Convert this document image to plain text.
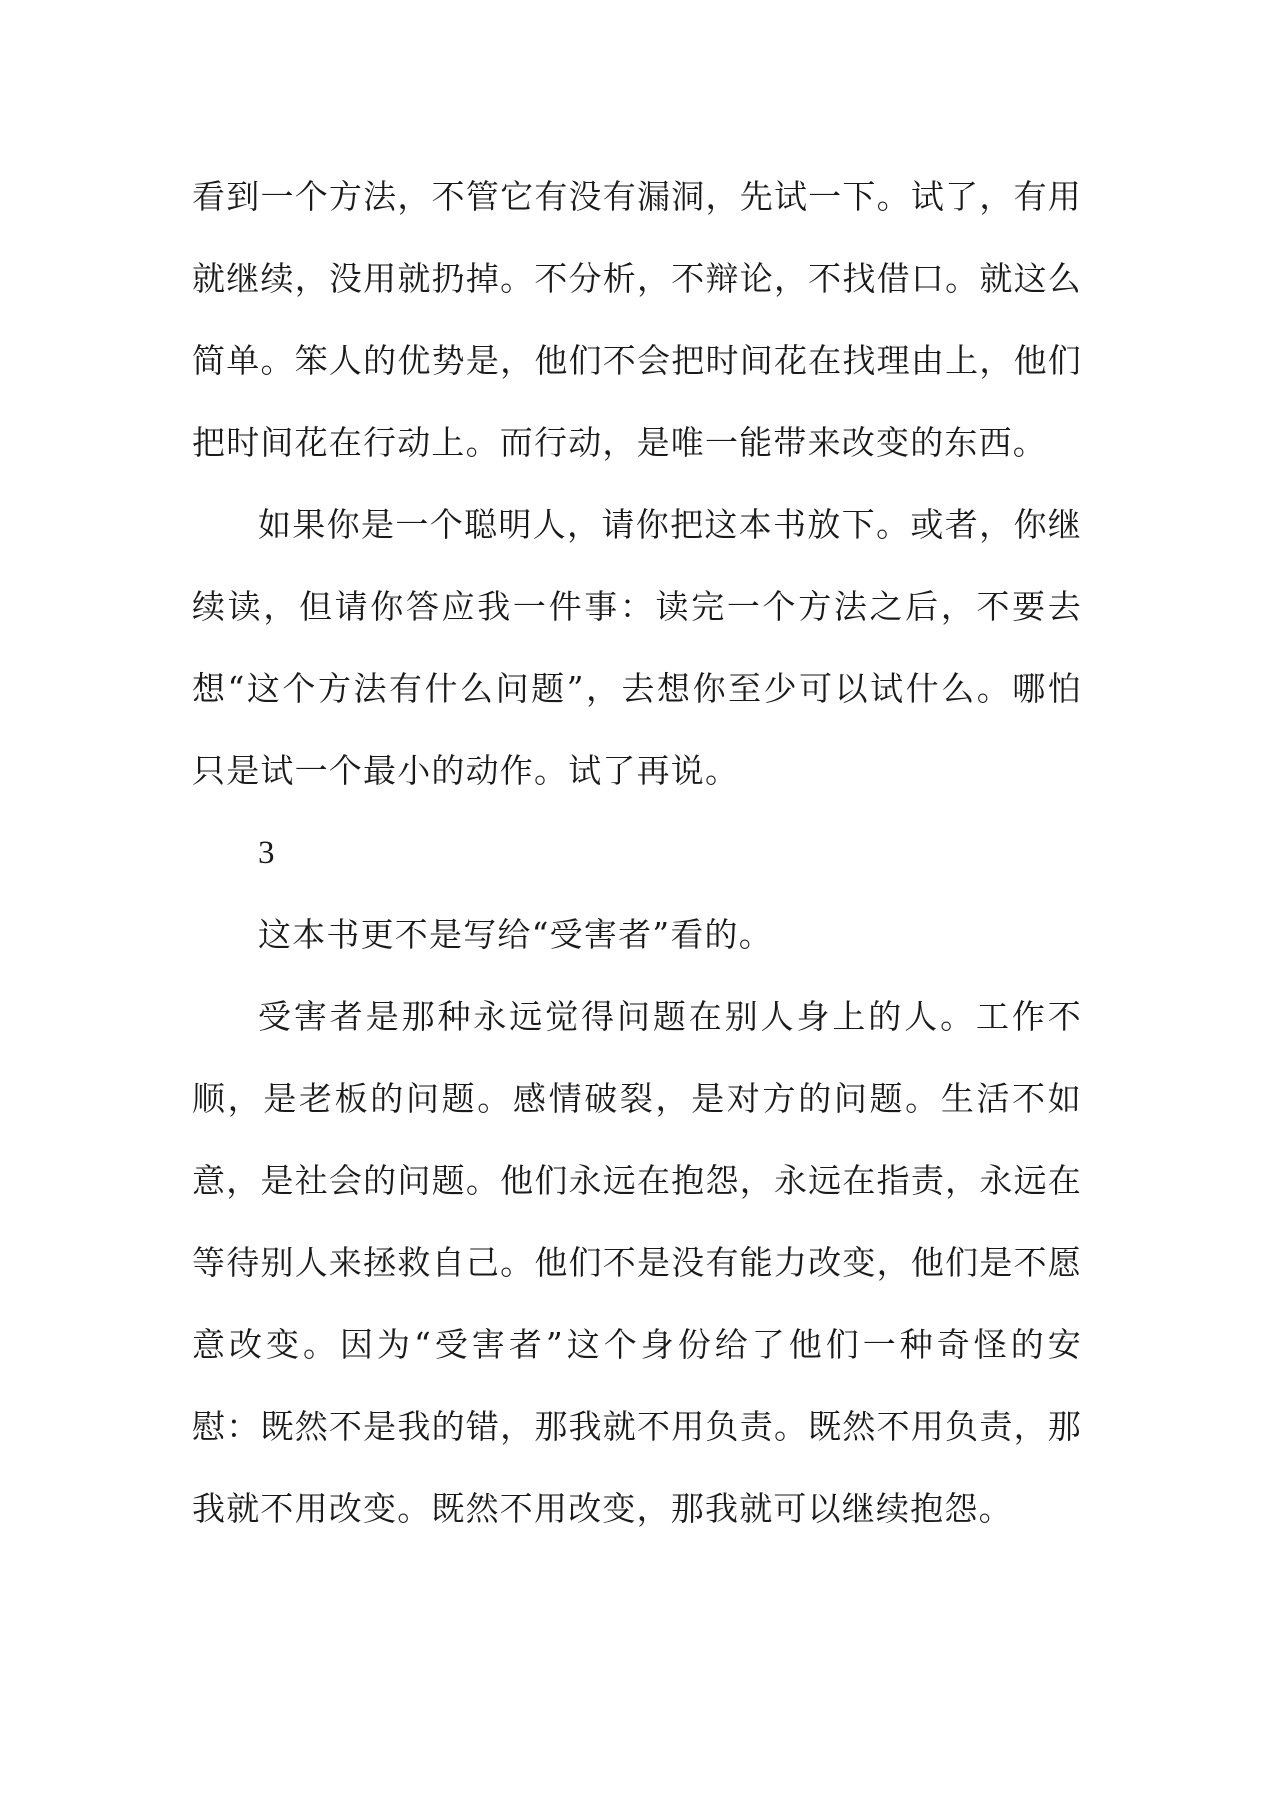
看到一个方法，不管它有没有漏洞，先试一下。试了，有用就继续，没用就扔掉。不分析，不辩论，不找借口。就这么简单。笨人的优势是，他们不会把时间花在找理由上，他们把时间花在行动上。而行动，是唯一能带来改变的东西。

如果你是一个聪明人，请你把这本书放下。或者，你继续读，但请你答应我一件事：读完一个方法之后，不要去想“这个方法有什么问题”，去想你至少可以试什么。哪怕只是试一个最小的动作。试了再说。

3

这本书更不是写给“受害者”看的。

受害者是那种永远觉得问题在别人身上的人。工作不顺，是老板的问题。感情破裂，是对方的问题。生活不如意，是社会的问题。他们永远在抱怨，永远在指责，永远在等待别人来拯救自己。他们不是没有能力改变，他们是不愿意改变。因为“受害者”这个身份给了他们一种奇怪的安慰：既然不是我的错，那我就不用负责。既然不用负责，那我就不用改变。既然不用改变，那我就可以继续抱怨。
